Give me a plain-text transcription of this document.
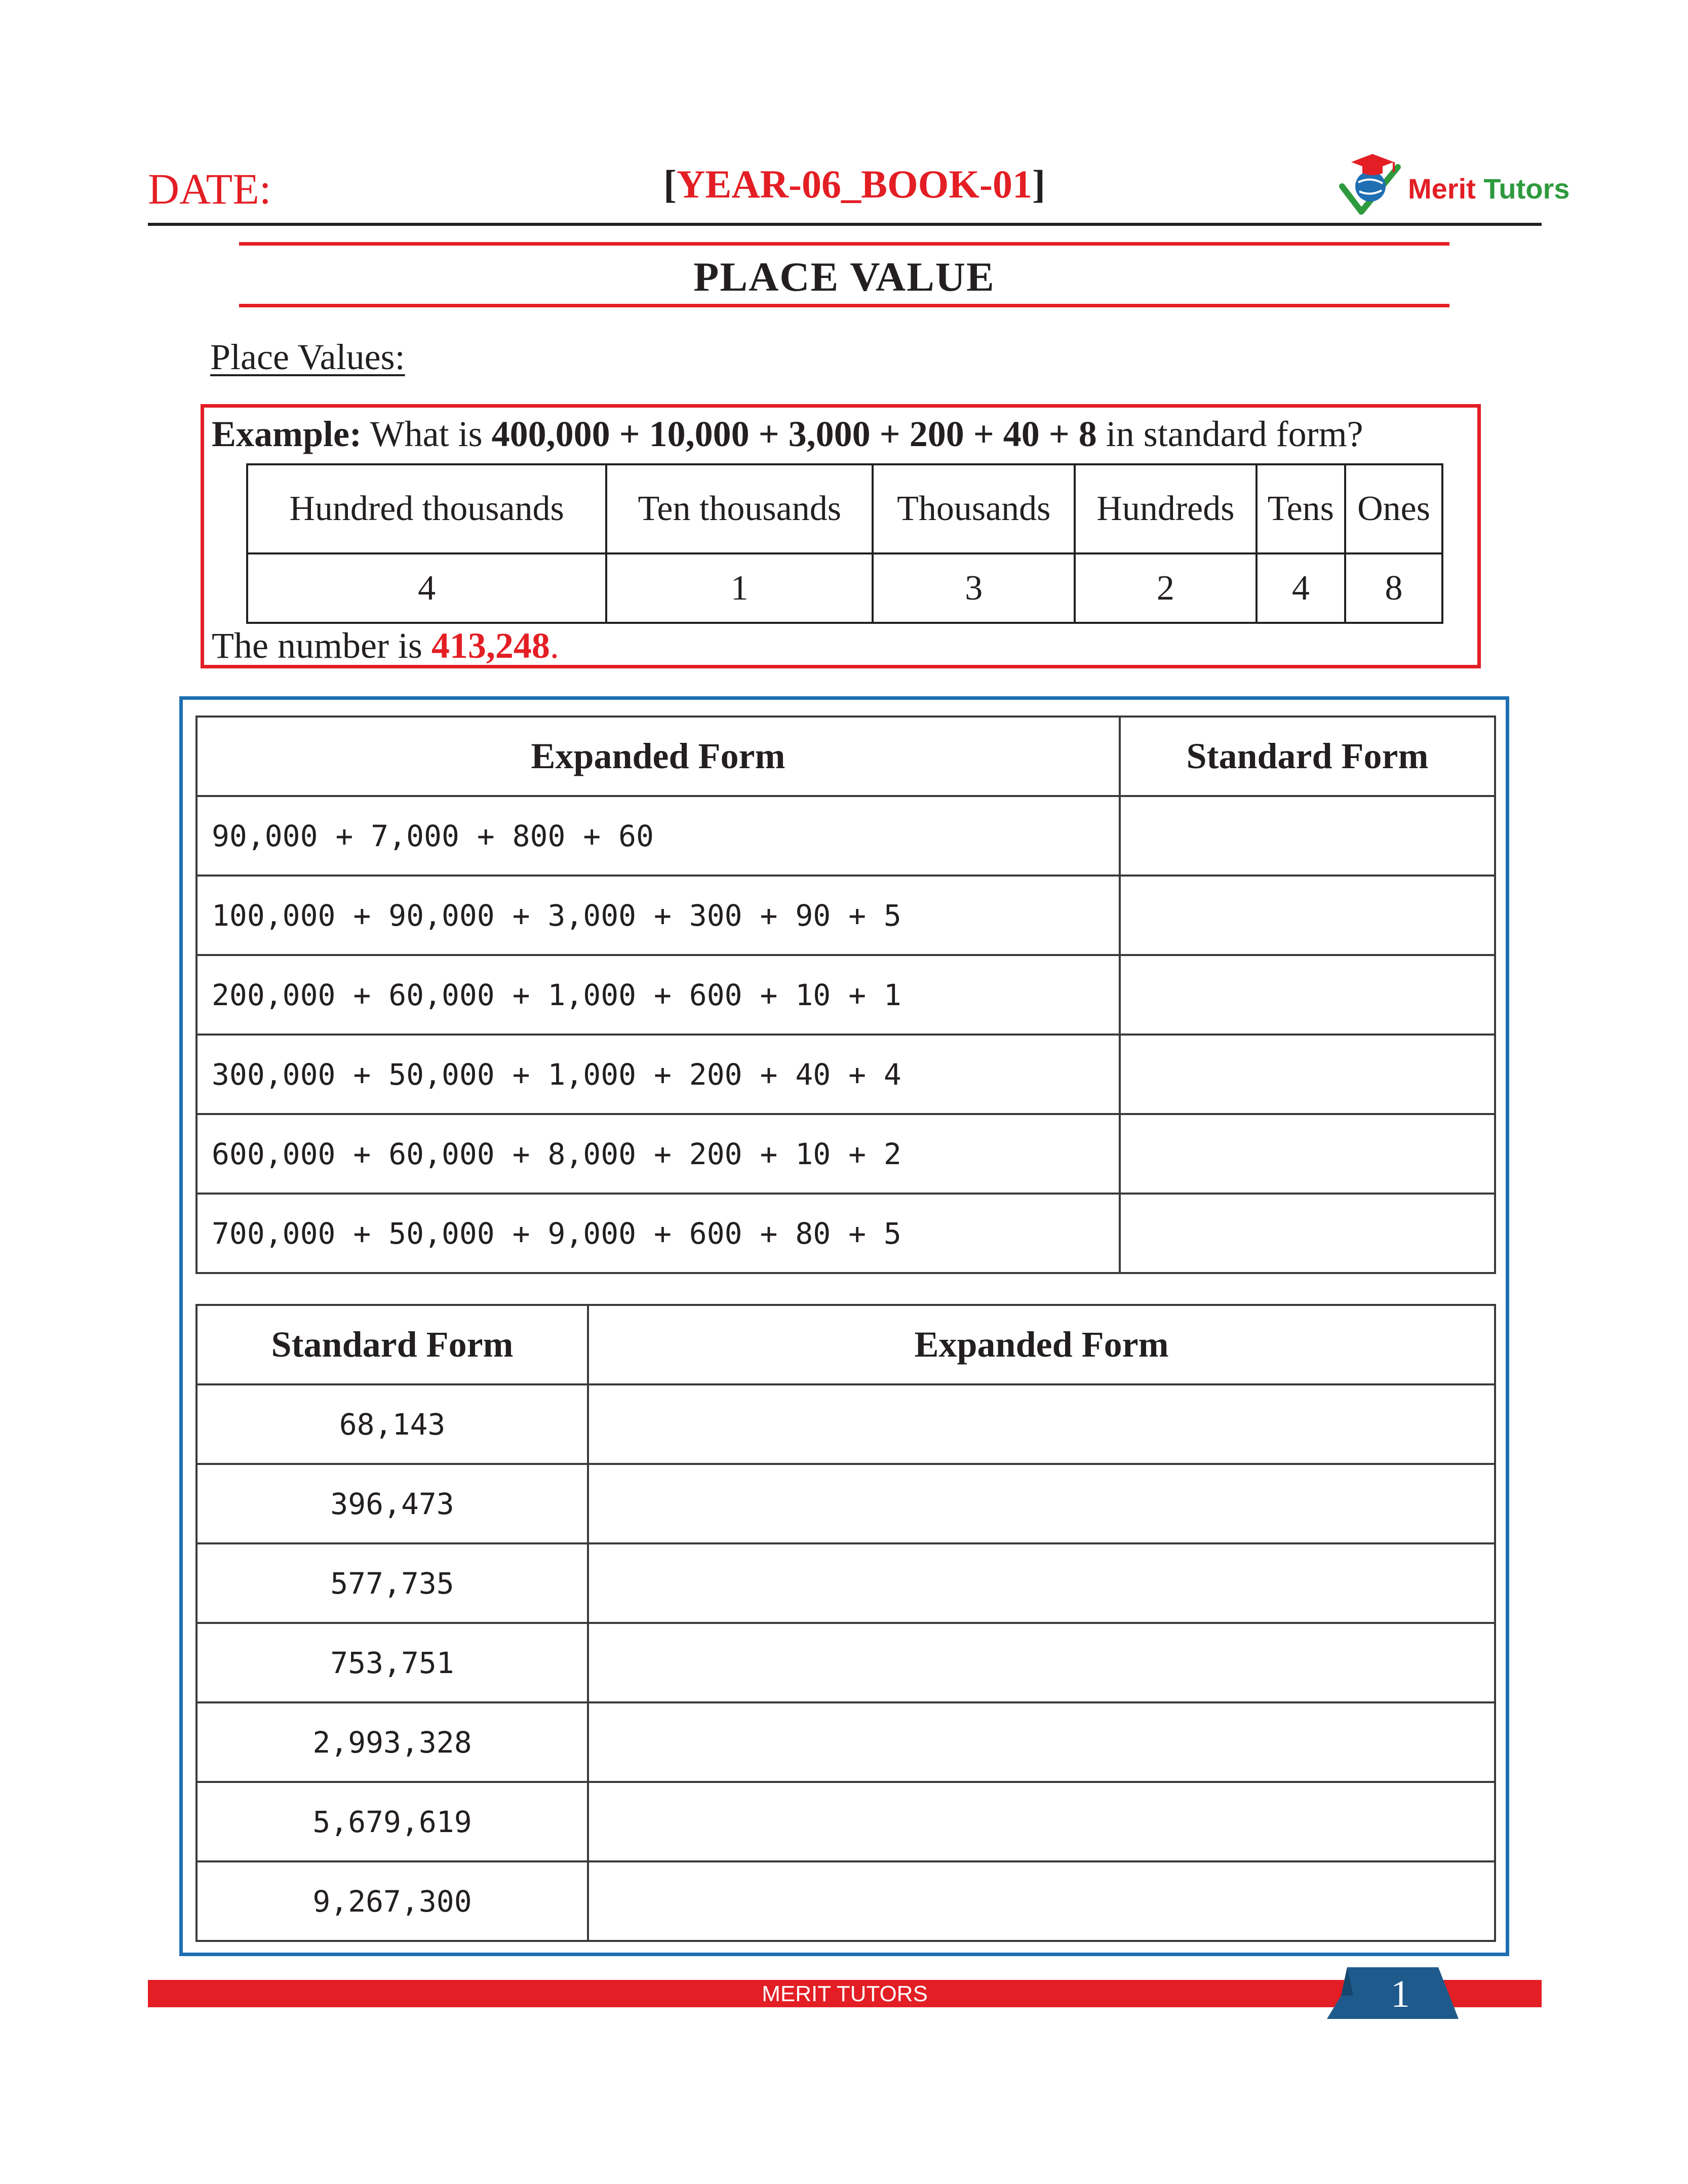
DATE:	[YEAR-06_BOOK-01]	Merit Tutors
PLACE VALUE
Place Values:
Example: What is 400,000 + 10,000 + 3,000 + 200 + 40 + 8 in standard form?
Hundred thousands	Ten thousands	Thousands	Hundreds	Tens	Ones
4	1	3	2	4	8
The number is 413,248.
Expanded Form	Standard Form
90,000 + 7,000 + 800 + 60	
100,000 + 90,000 + 3,000 + 300 + 90 + 5	
200,000 + 60,000 + 1,000 + 600 + 10 + 1	
300,000 + 50,000 + 1,000 + 200 + 40 + 4	
600,000 + 60,000 + 8,000 + 200 + 10 + 2	
700,000 + 50,000 + 9,000 + 600 + 80 + 5	
Standard Form	Expanded Form
68,143	
396,473	
577,735	
753,751	
2,993,328	
5,679,619	
9,267,300	
MERIT TUTORS	1
